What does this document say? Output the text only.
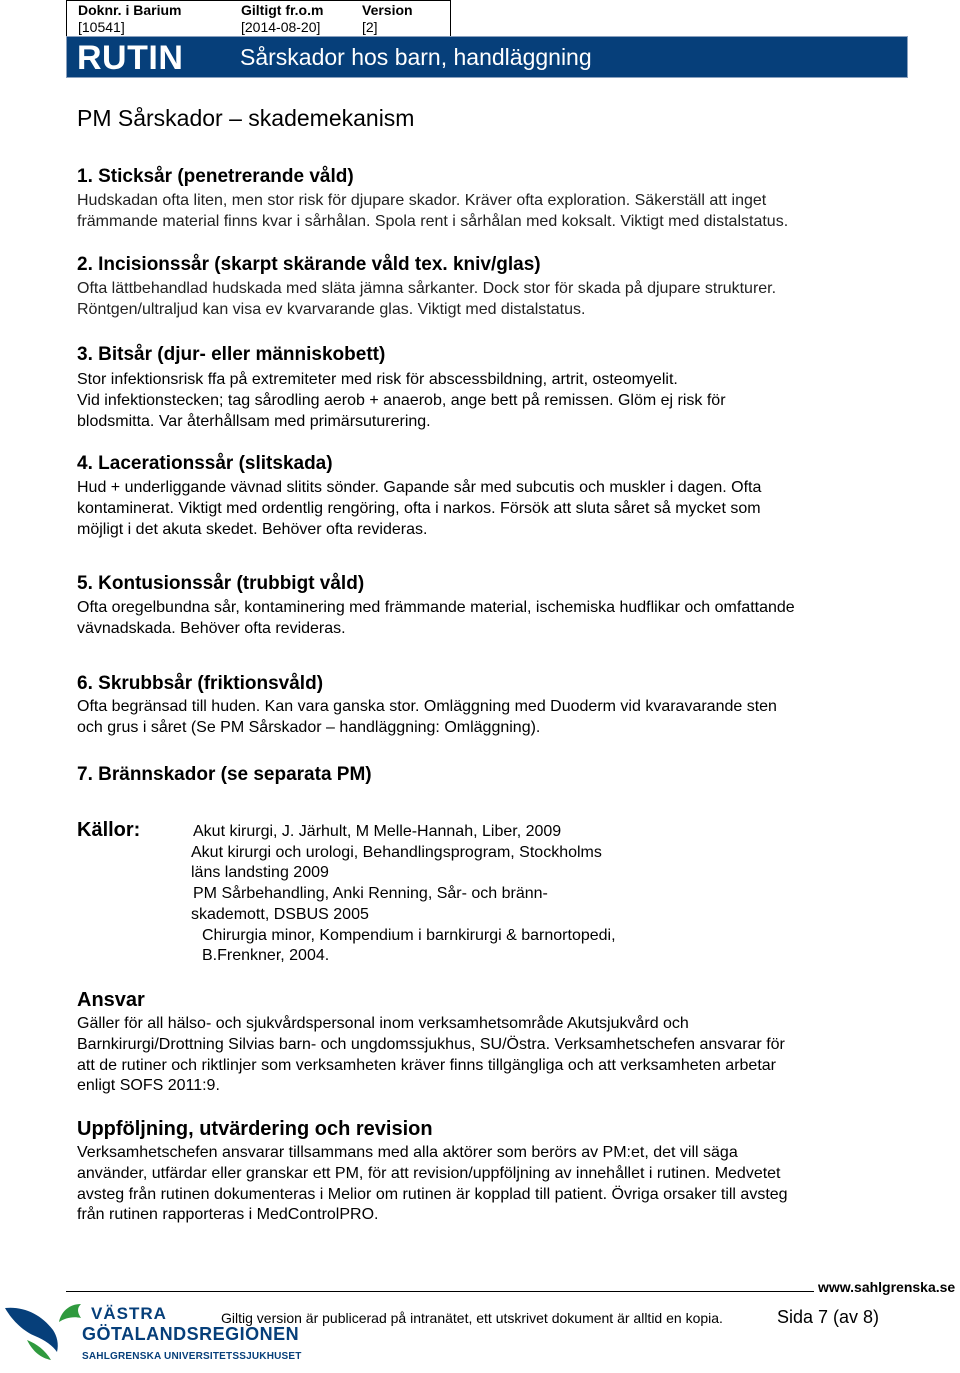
Doknr. i Barium
[10541]
Giltigt fr.o.m
[2014-08-20]
Version
[2]
RUTIN Sårskador hos barn, handläggning
PM Sårskador – skademekanism
1. Sticksår (penetrerande våld)
Hudskadan ofta liten, men stor risk för djupare skador. Kräver ofta exploration. Säkerställ att inget
främmande material finns kvar i sårhålan. Spola rent i sårhålan med koksalt. Viktigt med distalstatus.
2. Incisionssår (skarpt skärande våld tex. kniv/glas)
Ofta lättbehandlad hudskada med släta jämna sårkanter. Dock stor för skada på djupare strukturer.
Röntgen/ultraljud kan visa ev kvarvarande glas. Viktigt med distalstatus.
3. Bitsår (djur- eller människobett)
Stor infektionsrisk ffa på extremiteter med risk för abscessbildning, artrit, osteomyelit.
Vid infektionstecken; tag sårodling aerob + anaerob, ange bett på remissen. Glöm ej risk för
blodsmitta. Var återhållsam med primärsuturering.
4. Lacerationssår (slitskada)
Hud + underliggande vävnad slitits sönder. Gapande sår med subcutis och muskler i dagen. Ofta
kontaminerat. Viktigt med ordentlig rengöring, ofta i narkos. Försök att sluta såret så mycket som
möjligt i det akuta skedet. Behöver ofta revideras.
5. Kontusionssår (trubbigt våld)
Ofta oregelbundna sår, kontaminering med främmande material, ischemiska hudflikar och omfattande
vävnadskada. Behöver ofta revideras.
6. Skrubbsår (friktionsvåld)
Ofta begränsad till huden. Kan vara ganska stor. Omläggning med Duoderm vid kvaravarande sten
och grus i såret (Se PM Sårskador – handläggning: Omläggning).
7. Brännskador (se separata PM)
Källor:	Akut kirurgi, J. Järhult, M Melle-Hannah, Liber, 2009
Akut kirurgi och urologi, Behandlingsprogram, Stockholms
läns landsting 2009
PM Sårbehandling, Anki Renning, Sår- och bränn-
skademott, DSBUS 2005
Chirurgia minor, Kompendium i barnkirurgi & barnortopedi,
B.Frenkner, 2004.
Ansvar
Gäller för all hälso- och sjukvårdspersonal inom verksamhetsområde Akutsjukvård och
Barnkirurgi/Drottning Silvias barn- och ungdomssjukhus, SU/Östra. Verksamhetschefen ansvarar för
att de rutiner och riktlinjer som verksamheten kräver finns tillgängliga och att verksamheten arbetar
enligt SOFS 2011:9.
Uppföljning, utvärdering och revision
Verksamhetschefen ansvarar tillsammans med alla aktörer som berörs av PM:et, det vill säga
använder, utfärdar eller granskar ett PM, för att revision/uppföljning av innehållet i rutinen. Medvetet
avsteg från rutinen dokumenteras i Melior om rutinen är kopplad till patient. Övriga orsaker till avsteg
från rutinen rapporteras i MedControlPRO.
www.sahlgrenska.se
VÄSTRA
GÖTALANDSREGIONEN
SAHLGRENSKA UNIVERSITETSSJUKHUSET
Giltig version är publicerad på intranätet, ett utskrivet dokument är alltid en kopia.	Sida 7 (av 8)
